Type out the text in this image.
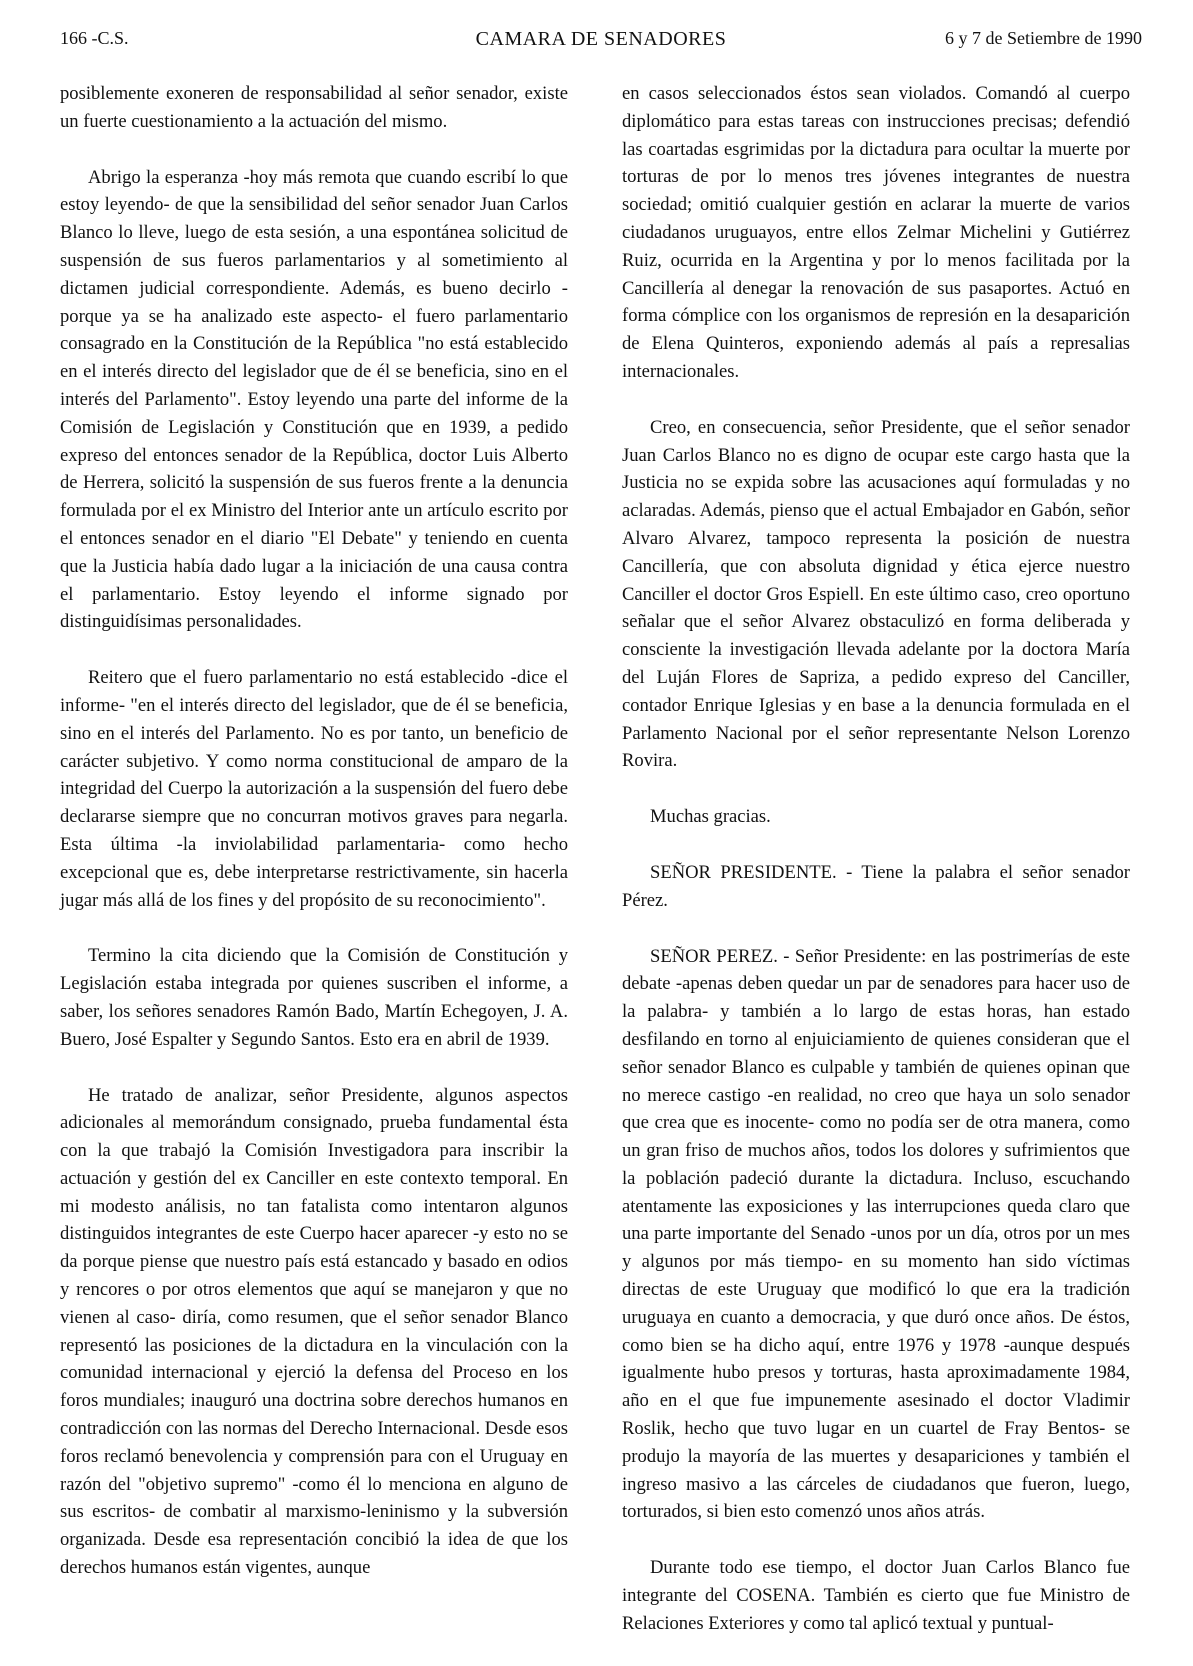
166 -C.S.	CAMARA DE SENADORES	6 y 7 de Setiembre de 1990

posiblemente exoneren de responsabilidad al señor senador, existe un fuerte cuestionamiento a la actuación del mismo.

Abrigo la esperanza -hoy más remota que cuando escribí lo que estoy leyendo- de que la sensibilidad del señor senador Juan Carlos Blanco lo lleve, luego de esta sesión, a una espontánea solicitud de suspensión de sus fueros parlamentarios y al sometimiento al dictamen judicial correspondiente. Además, es bueno decirlo -porque ya se ha analizado este aspecto- el fuero parlamentario consagrado en la Constitución de la República "no está establecido en el interés directo del legislador que de él se beneficia, sino en el interés del Parlamento". Estoy leyendo una parte del informe de la Comisión de Legislación y Constitución que en 1939, a pedido expreso del entonces senador de la República, doctor Luis Alberto de Herrera, solicitó la suspensión de sus fueros frente a la denuncia formulada por el ex Ministro del Interior ante un artículo escrito por el entonces senador en el diario "El Debate" y teniendo en cuenta que la Justicia había dado lugar a la iniciación de una causa contra el parlamentario. Estoy leyendo el informe signado por distinguidísimas personalidades.

Reitero que el fuero parlamentario no está establecido -dice el informe- "en el interés directo del legislador, que de él se beneficia, sino en el interés del Parlamento. No es por tanto, un beneficio de carácter subjetivo. Y como norma constitucional de amparo de la integridad del Cuerpo la autorización a la suspensión del fuero debe declararse siempre que no concurran motivos graves para negarla. Esta última -la inviolabilidad parlamentaria- como hecho excepcional que es, debe interpretarse restrictivamente, sin hacerla jugar más allá de los fines y del propósito de su reconocimiento".

Termino la cita diciendo que la Comisión de Constitución y Legislación estaba integrada por quienes suscriben el informe, a saber, los señores senadores Ramón Bado, Martín Echegoyen, J. A. Buero, José Espalter y Segundo Santos. Esto era en abril de 1939.

He tratado de analizar, señor Presidente, algunos aspectos adicionales al memorándum consignado, prueba fundamental ésta con la que trabajó la Comisión Investigadora para inscribir la actuación y gestión del ex Canciller en este contexto temporal. En mi modesto análisis, no tan fatalista como intentaron algunos distinguidos integrantes de este Cuerpo hacer aparecer -y esto no se da porque piense que nuestro país está estancado y basado en odios y rencores o por otros elementos que aquí se manejaron y que no vienen al caso- diría, como resumen, que el señor senador Blanco representó las posiciones de la dictadura en la vinculación con la comunidad internacional y ejerció la defensa del Proceso en los foros mundiales; inauguró una doctrina sobre derechos humanos en contradicción con las normas del Derecho Internacional. Desde esos foros reclamó benevolencia y comprensión para con el Uruguay en razón del "objetivo supremo" -como él lo menciona en alguno de sus escritos- de combatir al marxismo-leninismo y la subversión organizada. Desde esa representación concibió la idea de que los derechos humanos están vigentes, aunque

en casos seleccionados éstos sean violados. Comandó al cuerpo diplomático para estas tareas con instrucciones precisas; defendió las coartadas esgrimidas por la dictadura para ocultar la muerte por torturas de por lo menos tres jóvenes integrantes de nuestra sociedad; omitió cualquier gestión en aclarar la muerte de varios ciudadanos uruguayos, entre ellos Zelmar Michelini y Gutiérrez Ruiz, ocurrida en la Argentina y por lo menos facilitada por la Cancillería al denegar la renovación de sus pasaportes. Actuó en forma cómplice con los organismos de represión en la desaparición de Elena Quinteros, exponiendo además al país a represalias internacionales.

Creo, en consecuencia, señor Presidente, que el señor senador Juan Carlos Blanco no es digno de ocupar este cargo hasta que la Justicia no se expida sobre las acusaciones aquí formuladas y no aclaradas. Además, pienso que el actual Embajador en Gabón, señor Alvaro Alvarez, tampoco representa la posición de nuestra Cancillería, que con absoluta dignidad y ética ejerce nuestro Canciller el doctor Gros Espiell. En este último caso, creo oportuno señalar que el señor Alvarez obstaculizó en forma deliberada y consciente la investigación llevada adelante por la doctora María del Luján Flores de Sapriza, a pedido expreso del Canciller, contador Enrique Iglesias y en base a la denuncia formulada en el Parlamento Nacional por el señor representante Nelson Lorenzo Rovira.

Muchas gracias.

SEÑOR PRESIDENTE. - Tiene la palabra el señor senador Pérez.

SEÑOR PEREZ. - Señor Presidente: en las postrimerías de este debate -apenas deben quedar un par de senadores para hacer uso de la palabra- y también a lo largo de estas horas, han estado desfilando en torno al enjuiciamiento de quienes consideran que el señor senador Blanco es culpable y también de quienes opinan que no merece castigo -en realidad, no creo que haya un solo senador que crea que es inocente- como no podía ser de otra manera, como un gran friso de muchos años, todos los dolores y sufrimientos que la población padeció durante la dictadura. Incluso, escuchando atentamente las exposiciones y las interrupciones queda claro que una parte importante del Senado -unos por un día, otros por un mes y algunos por más tiempo- en su momento han sido víctimas directas de este Uruguay que modificó lo que era la tradición uruguaya en cuanto a democracia, y que duró once años. De éstos, como bien se ha dicho aquí, entre 1976 y 1978 -aunque después igualmente hubo presos y torturas, hasta aproximadamente 1984, año en el que fue impunemente asesinado el doctor Vladimir Roslik, hecho que tuvo lugar en un cuartel de Fray Bentos- se produjo la mayoría de las muertes y desapariciones y también el ingreso masivo a las cárceles de ciudadanos que fueron, luego, torturados, si bien esto comenzó unos años atrás.

Durante todo ese tiempo, el doctor Juan Carlos Blanco fue integrante del COSENA. También es cierto que fue Ministro de Relaciones Exteriores y como tal aplicó textual y puntual-
